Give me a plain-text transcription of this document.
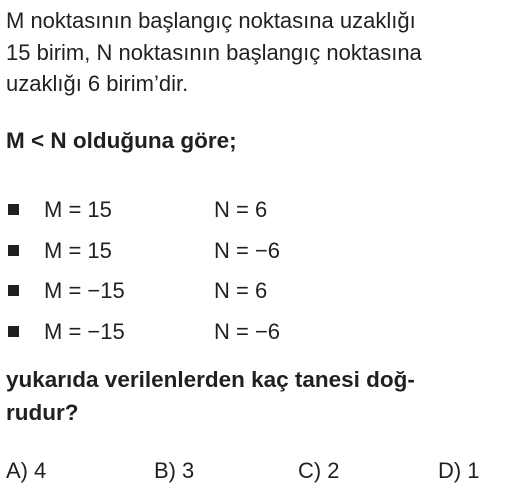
M noktasının başlangıç noktasına uzaklığı
15 birim, N noktasının başlangıç noktasına
uzaklığı 6 birim’dir.

M < N olduğuna göre;

M = 15	N = 6
M = 15	N = −6
M = −15	N = 6
M = −15	N = −6

yukarıda verilenlerden kaç tanesi doğ-
rudur?

A) 4	B) 3	C) 2	D) 1
